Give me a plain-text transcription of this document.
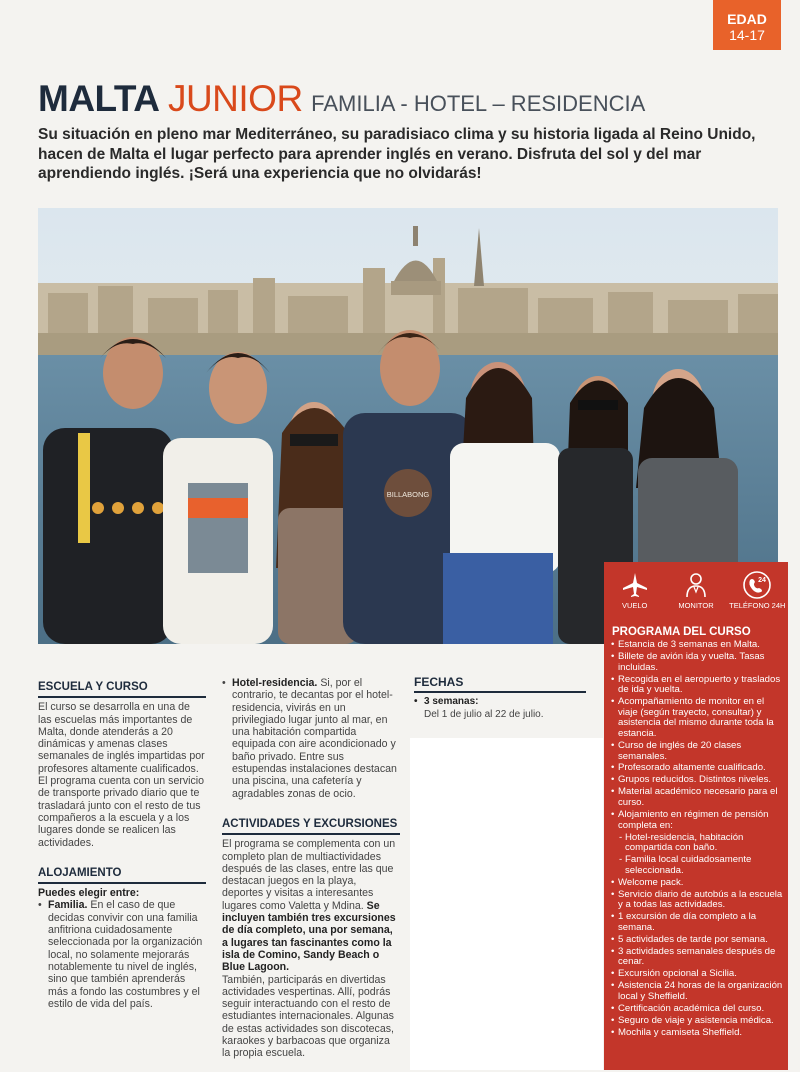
EDAD
14-17
MALTA JUNIOR FAMILIA - HOTEL – RESIDENCIA
Su situación en pleno mar Mediterráneo, su paradisiaco clima y su historia ligada al Reino Unido, hacen de Malta el lugar perfecto para aprender inglés en verano. Disfruta del sol y del mar aprendiendo inglés. ¡Será una experiencia que no olvidarás!
BILLABONG
VUELO	MONITOR
24
TELÉFONO 24H
PROGRAMA DEL CURSO
• Estancia de 3 semanas en Malta.
• Billete de avión ida y vuelta. Tasas incluidas.
• Recogida en el aeropuerto y traslados de ida y vuelta.
• Acompañamiento de monitor en el viaje (según trayecto, consultar) y asistencia del mismo durante toda la estancia.
• Curso de inglés de 20 clases semanales.
• Profesorado altamente cualificado.
• Grupos reducidos. Distintos niveles.
• Material académico necesario para el curso.
• Alojamiento en régimen de pensión completa en:
- Hotel-residencia, habitación compartida con baño.
- Familia local cuidadosamente seleccionada.
• Welcome pack.
• Servicio diario de autobús a la escuela y a todas las actividades.
• 1 excursión de día completo a la semana.
• 5 actividades de tarde por semana.
• 3 actividades semanales después de cenar.
• Excursión opcional a Sicilia.
• Asistencia 24 horas de la organización local y Sheffield.
• Certificación académica del curso.
• Seguro de viaje y asistencia médica.
• Mochila y camiseta Sheffield.
ESCUELA Y CURSO

El curso se desarrolla en una de las escuelas más importantes de Malta, donde atenderás a 20 dinámicas y amenas clases semanales de inglés impartidas por profesores altamente cualificados.

El programa cuenta con un servicio de transporte privado diario que te trasladará junto con el resto de tus compañeros a la escuela y a los lugares donde se realicen las actividades.

ALOJAMIENTO

Puedes elegir entre:

• Familia. En el caso de que decidas convivir con una familia anfitriona cuidadosamente seleccionada por la organización local, no solamente mejorarás notablemente tu nivel de inglés, sino que también aprenderás más a fondo las costumbres y el estilo de vida del país.

• Hotel-residencia. Si, por el contrario, te decantas por el hotel-residencia, vivirás en un privilegiado lugar junto al mar, en una habitación compartida equipada con aire acondicionado y baño privado. Entre sus estupendas instalaciones destacan una piscina, una cafetería y agradables zonas de ocio.

ACTIVIDADES Y EXCURSIONES

El programa se complementa con un completo plan de multiactividades después de las clases, entre las que destacan juegos en la playa, deportes y visitas a interesantes lugares como Valetta y Mdina. Se incluyen también tres excursiones de día completo, una por semana, a lugares tan fascinantes como la isla de Comino, Sandy Beach o Blue Lagoon.

También, participarás en divertidas actividades vespertinas. Allí, podrás seguir interactuando con el resto de estudiantes internacionales. Algunas de estas actividades son discotecas, karaokes y barbacoas que organiza la propia escuela.

FECHAS

• 3 semanas:

Del 1 de julio al 22 de julio.
